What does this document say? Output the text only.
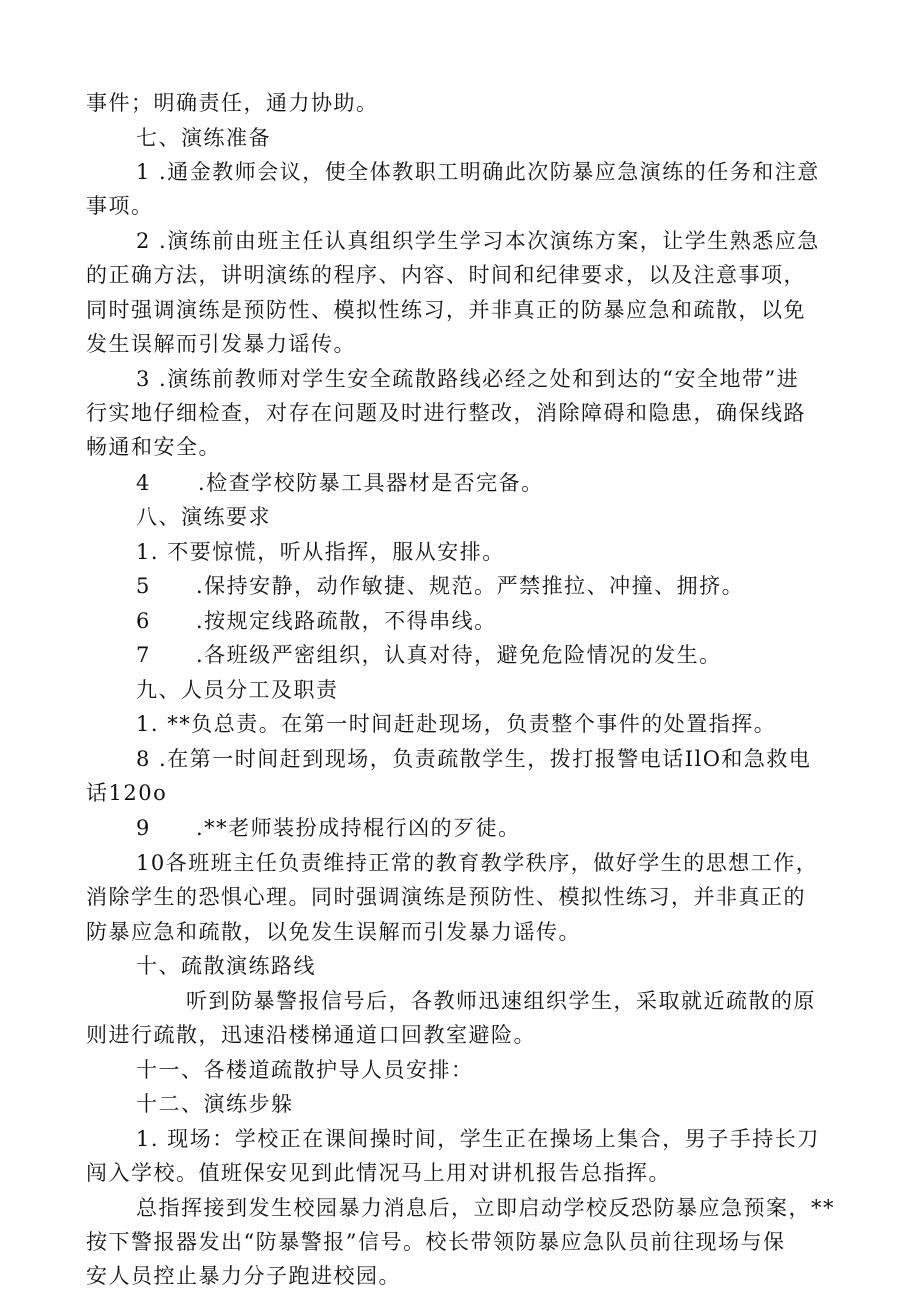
事件；明确责任，通力协助。
七、演练准备
1 .通金教师会议，使全体教职工明确此次防暴应急演练的任务和注意
事项。
2 .演练前由班主任认真组织学生学习本次演练方案，让学生熟悉应急
的正确方法，讲明演练的程序、内容、时间和纪律要求，以及注意事项，
同时强调演练是预防性、模拟性练习，并非真正的防暴应急和疏散，以免
发生误解而引发暴力谣传。
3 .演练前教师对学生安全疏散路线必经之处和到达的“安全地带”进
行实地仔细检查，对存在问题及时进行整改，消除障碍和隐患，确保线路
畅通和安全。
4 .检查学校防暴工具器材是否完备。
八、演练要求
1. 不要惊慌，听从指挥，服从安排。
5 .保持安静，动作敏捷、规范。严禁推拉、冲撞、拥挤。
6 .按规定线路疏散，不得串线。
7 .各班级严密组织，认真对待，避免危险情况的发生。
九、人员分工及职责
1. **负总责。在第一时间赶赴现场，负责整个事件的处置指挥。
8 .在第一时间赶到现场，负责疏散学生，拨打报警电话IlO和急救电
话120o
9 .**老师装扮成持棍行凶的歹徒。
10各班班主任负责维持正常的教育教学秩序，做好学生的思想工作，
消除学生的恐惧心理。同时强调演练是预防性、模拟性练习，并非真正的
防暴应急和疏散，以免发生误解而引发暴力谣传。
十、疏散演练路线
听到防暴警报信号后，各教师迅速组织学生，采取就近疏散的原
则进行疏散，迅速沿楼梯通道口回教室避险。
十一、各楼道疏散护导人员安排：
十二、演练步躲
1. 现场：学校正在课间操时间，学生正在操场上集合，男子手持长刀
闯入学校。值班保安见到此情况马上用对讲机报告总指挥。
总指挥接到发生校园暴力消息后，立即启动学校反恐防暴应急预案，**
按下警报器发出“防暴警报”信号。校长带领防暴应急队员前往现场与保
安人员控止暴力分子跑进校园。
